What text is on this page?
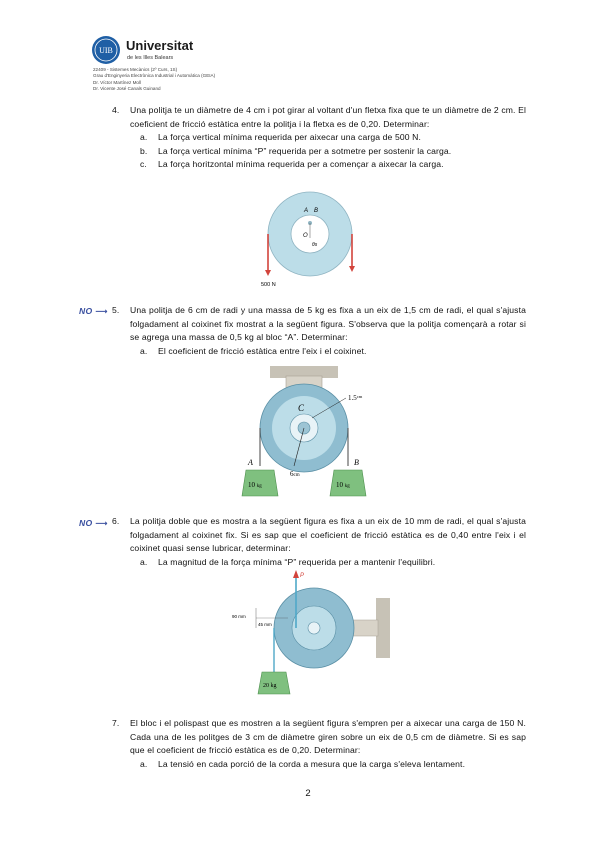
UIB Universitat
de les Illes Balears
22409 - Sistemes Mecànics (2º Curs, 1S)
Grau d'Enginyeria Electrònica Industrial i Automàtica (GEIA)
Dr. Víctor Martínez Moll
Dr. Vicente José Canals Guinand
4. Una politja te un diàmetre de 4 cm i pot girar al voltant d'un fletxa fixa que te un diàmetre de 2 cm. El coeficient de fricció estàtica entre la politja i la fletxa es de 0,20. Determinar:
a. La força vertical mínima requerida per aixecar una carga de 500 N.
b. La força vertical mínima “P” requerida per a sotmetre per sostenir la carga.
c. La força horitzontal mínima requerida per a començar a aixecar la carga.
A B
O
θs
500 N
NO ⟶ 5. Una politja de 6 cm de radi y una massa de 5 kg es fixa a un eix de 1,5 cm de radi, el qual s'ajusta folgadament al coixinet fix mostrat a la següent figura. S'observa que la politja començarà a rotar si se agrega una massa de 0,5 kg al bloc “A”. Determinar:
a. El coeficient de fricció estàtica entre l'eix i el coixinet.
10 kg	10 kg
C
$1.5^{cm}$
6cm
A	B
NO ⟶ 6. La politja doble que es mostra a la següent figura es fixa a un eix de 10 mm de radi, el qual s'ajusta folgadament al coixinet fix. Si es sap que el coeficient de fricció estàtica es de 0,40 entre l'eix i el coixinet quasi sense lubricar, determinar:
a. La magnitud de la força mínima “P” requerida per a mantenir l'equilibri.
P
20 kg
90 mm
45 mm
7. El bloc i el polispast que es mostren a la següent figura s'empren per a aixecar una carga de 150 N. Cada una de les politges de 3 cm de diàmetre giren sobre un eix de 0,5 cm de diàmetre. Si es sap que el coeficient de fricció estàtica es de 0,20. Determinar:
a. La tensió en cada porció de la corda a mesura que la carga s'eleva lentament.
2
